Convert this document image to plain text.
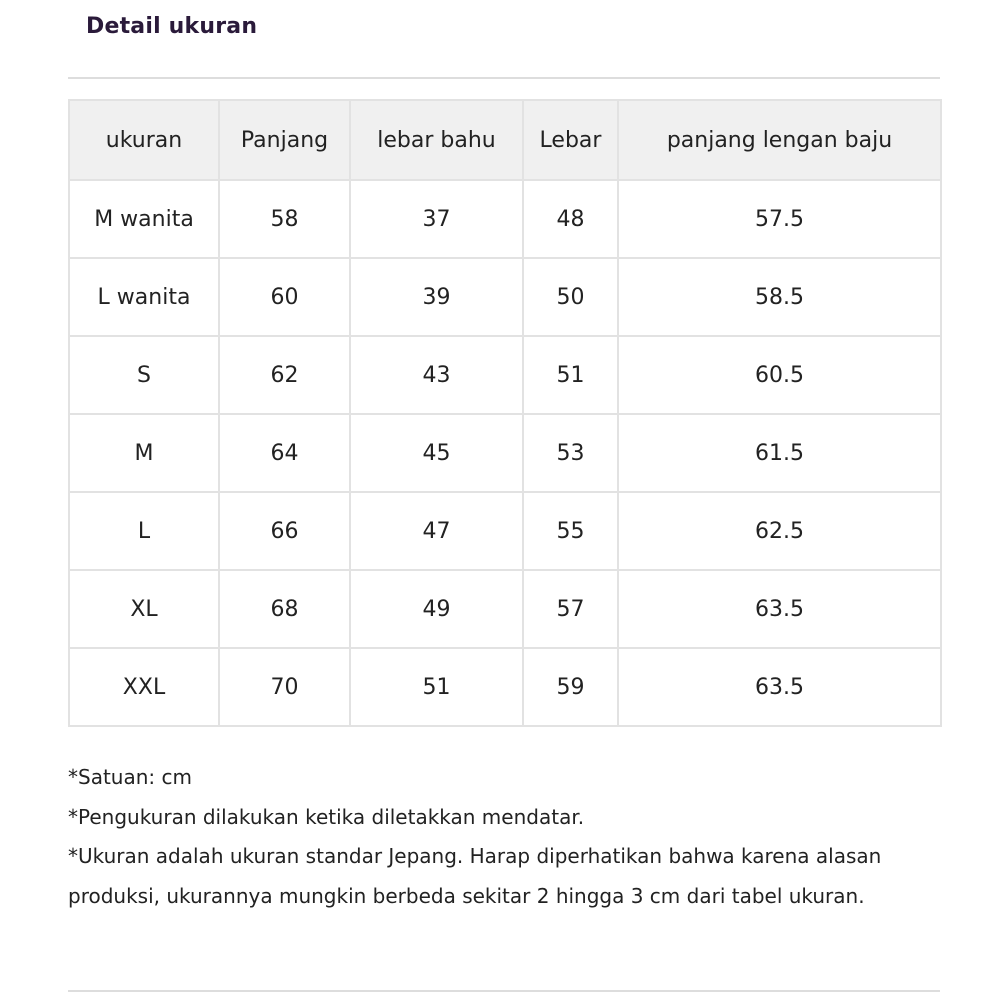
Detail ukuran
ukuran	Panjang	lebar bahu	Lebar	panjang lengan baju
M wanita	58	37	48	57.5
L wanita	60	39	50	58.5
S	62	43	51	60.5
M	64	45	53	61.5
L	66	47	55	62.5
XL	68	49	57	63.5
XXL	70	51	59	63.5

*Satuan: cm

*Pengukuran dilakukan ketika diletakkan mendatar.

*Ukuran adalah ukuran standar Jepang. Harap diperhatikan bahwa karena alasan produksi, ukurannya mungkin berbeda sekitar 2 hingga 3 cm dari tabel ukuran.
